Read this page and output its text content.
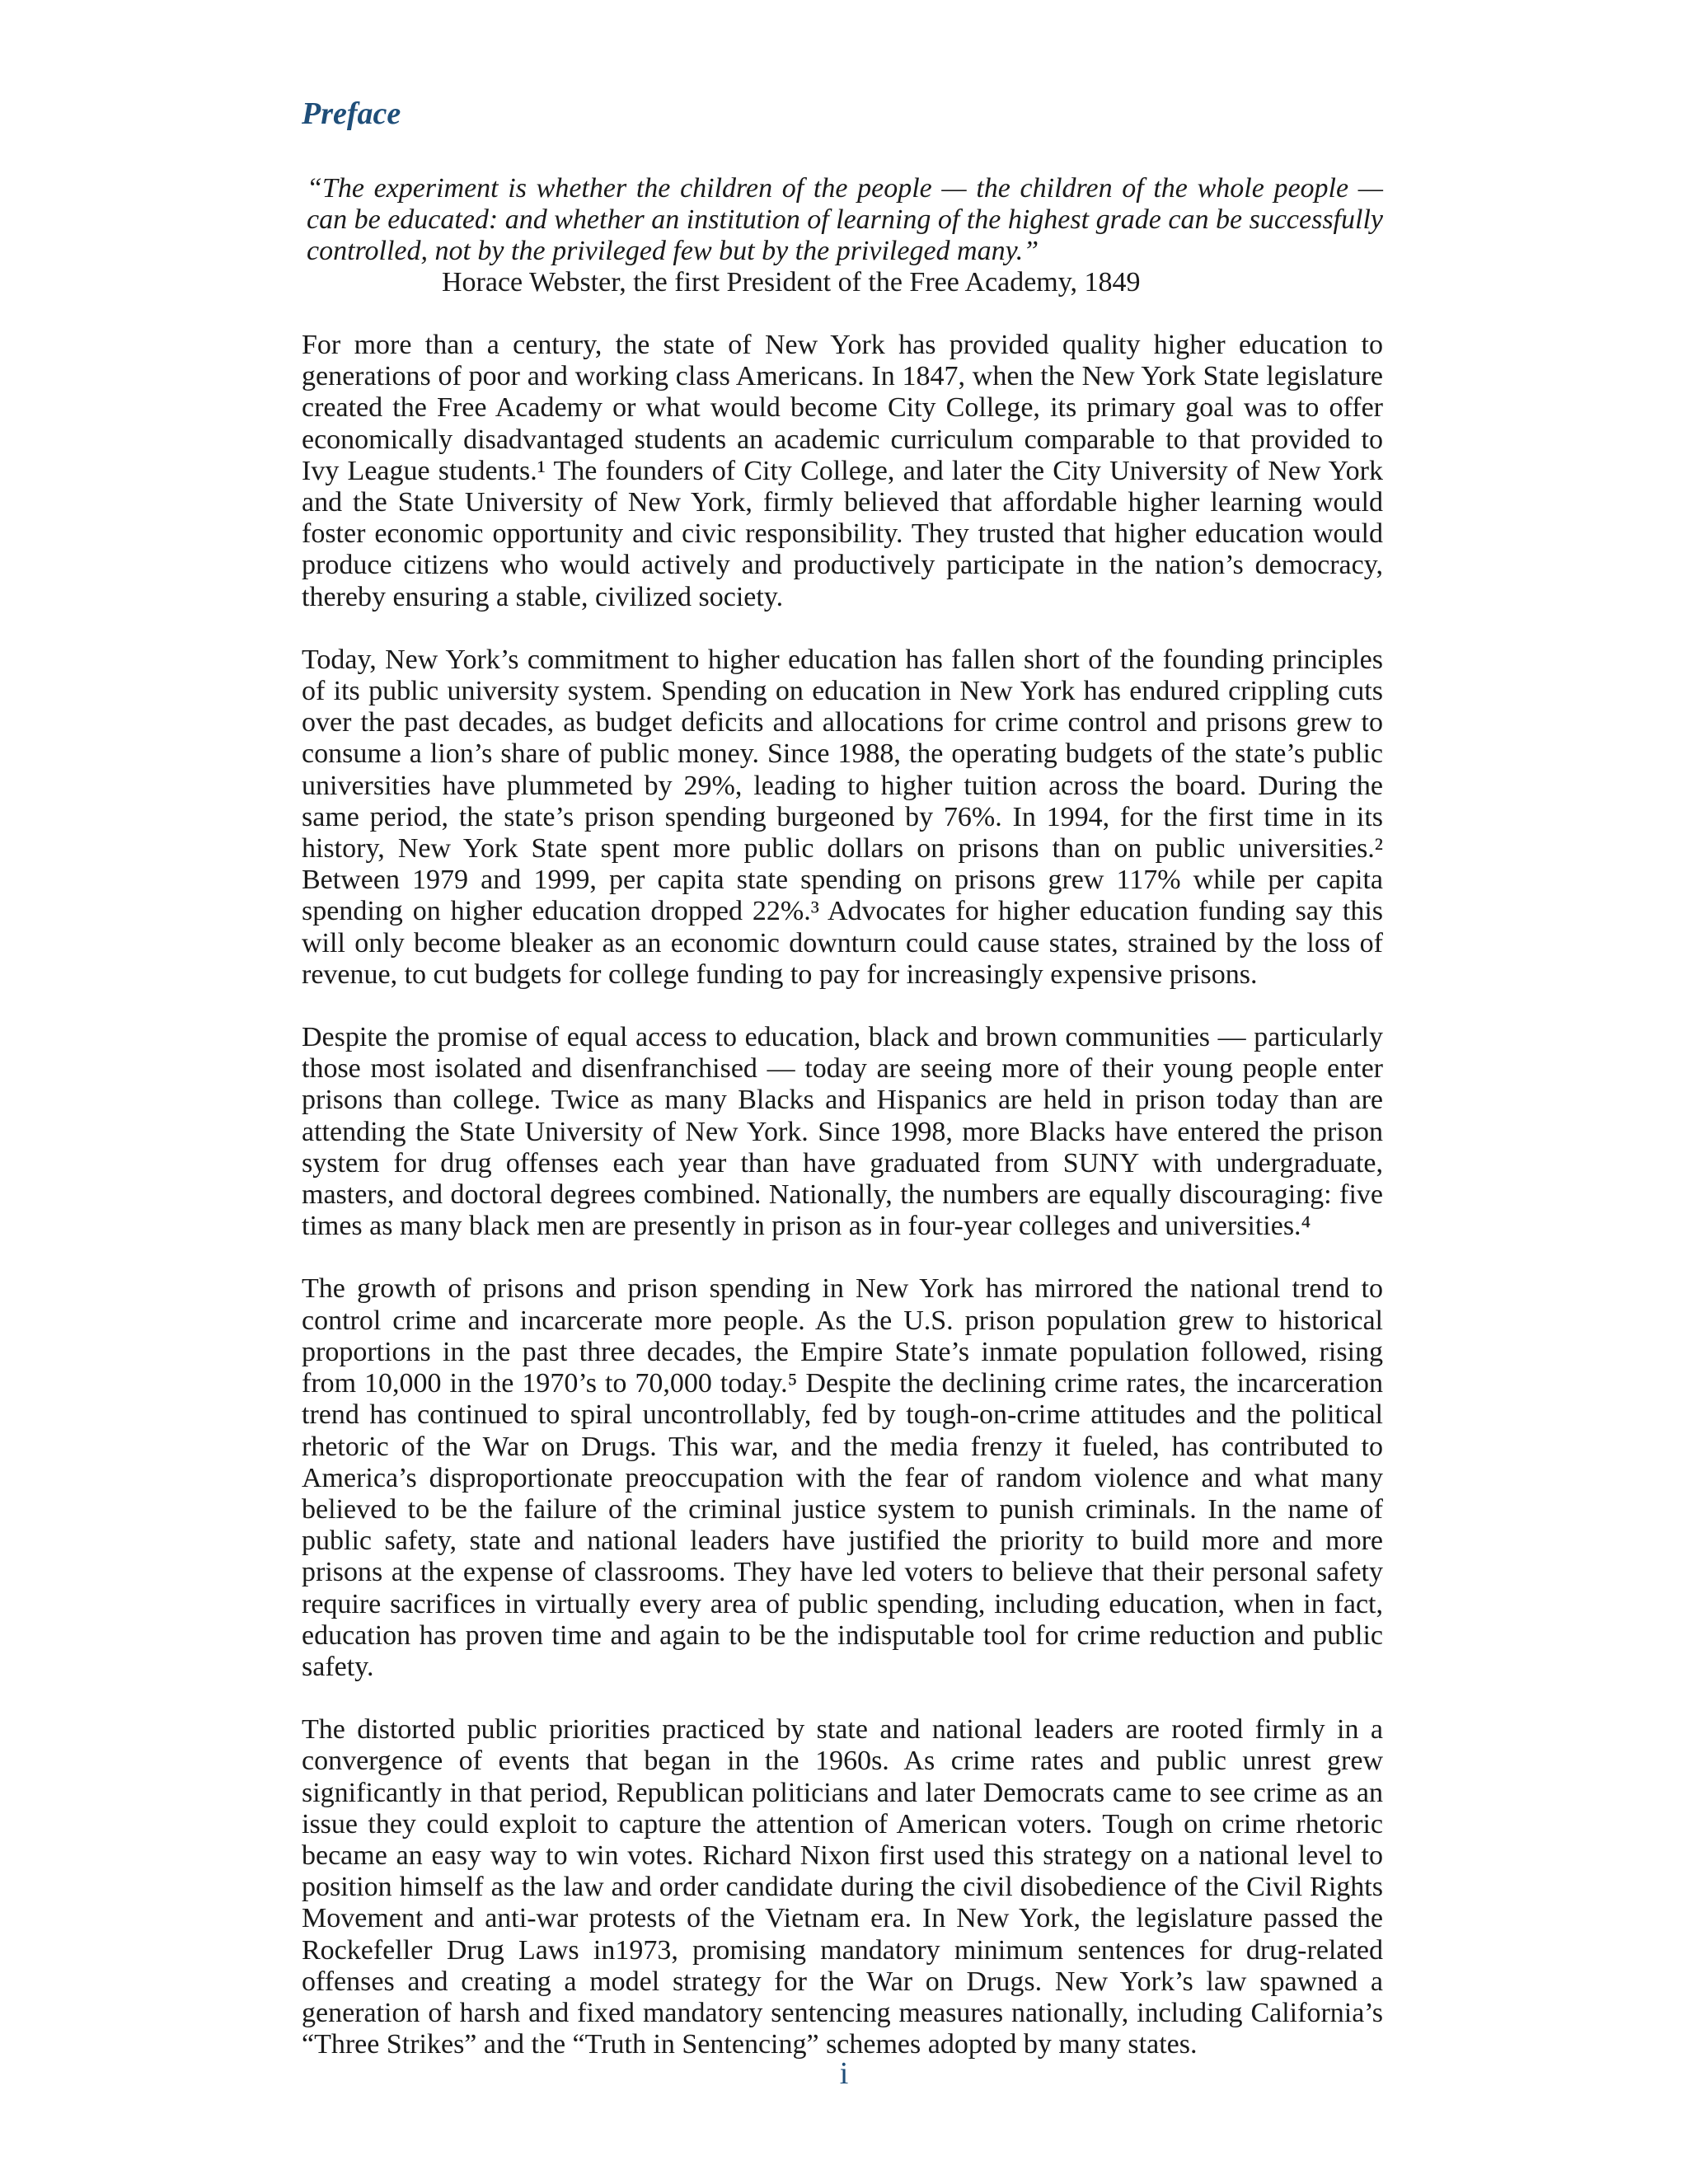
Preface
“The experiment is whether the children of the people — the children of the whole people — can be educated: and whether an institution of learning of the highest grade can be successfully controlled, not by the privileged few but by the privileged many.”
Horace Webster, the first President of the Free Academy, 1849

For more than a century, the state of New York has provided quality higher education to generations of poor and working class Americans. In 1847, when the New York State legislature created the Free Academy or what would become City College, its primary goal was to offer economically disadvantaged students an academic curriculum comparable to that provided to Ivy League students.¹ The founders of City College, and later the City University of New York and the State University of New York, firmly believed that affordable higher learning would foster economic opportunity and civic responsibility. They trusted that higher education would produce citizens who would actively and productively participate in the nation’s democracy, thereby ensuring a stable, civilized society.

Today, New York’s commitment to higher education has fallen short of the founding principles of its public university system. Spending on education in New York has endured crippling cuts over the past decades, as budget deficits and allocations for crime control and prisons grew to consume a lion’s share of public money. Since 1988, the operating budgets of the state’s public universities have plummeted by 29%, leading to higher tuition across the board. During the same period, the state’s prison spending burgeoned by 76%. In 1994, for the first time in its history, New York State spent more public dollars on prisons than on public universities.² Between 1979 and 1999, per capita state spending on prisons grew 117% while per capita spending on higher education dropped 22%.³ Advocates for higher education funding say this will only become bleaker as an economic downturn could cause states, strained by the loss of revenue, to cut budgets for college funding to pay for increasingly expensive prisons.

Despite the promise of equal access to education, black and brown communities — particularly those most isolated and disenfranchised — today are seeing more of their young people enter prisons than college. Twice as many Blacks and Hispanics are held in prison today than are attending the State University of New York. Since 1998, more Blacks have entered the prison system for drug offenses each year than have graduated from SUNY with undergraduate, masters, and doctoral degrees combined. Nationally, the numbers are equally discouraging: five times as many black men are presently in prison as in four-year colleges and universities.⁴

The growth of prisons and prison spending in New York has mirrored the national trend to control crime and incarcerate more people. As the U.S. prison population grew to historical proportions in the past three decades, the Empire State’s inmate population followed, rising from 10,000 in the 1970’s to 70,000 today.⁵ Despite the declining crime rates, the incarceration trend has continued to spiral uncontrollably, fed by tough-on-crime attitudes and the political rhetoric of the War on Drugs. This war, and the media frenzy it fueled, has contributed to America’s disproportionate preoccupation with the fear of random violence and what many believed to be the failure of the criminal justice system to punish criminals. In the name of public safety, state and national leaders have justified the priority to build more and more prisons at the expense of classrooms. They have led voters to believe that their personal safety require sacrifices in virtually every area of public spending, including education, when in fact, education has proven time and again to be the indisputable tool for crime reduction and public safety.

The distorted public priorities practiced by state and national leaders are rooted firmly in a convergence of events that began in the 1960s. As crime rates and public unrest grew significantly in that period, Republican politicians and later Democrats came to see crime as an issue they could exploit to capture the attention of American voters. Tough on crime rhetoric became an easy way to win votes. Richard Nixon first used this strategy on a national level to position himself as the law and order candidate during the civil disobedience of the Civil Rights Movement and anti-war protests of the Vietnam era. In New York, the legislature passed the Rockefeller Drug Laws in1973, promising mandatory minimum sentences for drug-related offenses and creating a model strategy for the War on Drugs. New York’s law spawned a generation of harsh and fixed mandatory sentencing measures nationally, including California’s “Three Strikes” and the “Truth in Sentencing” schemes adopted by many states.

i
